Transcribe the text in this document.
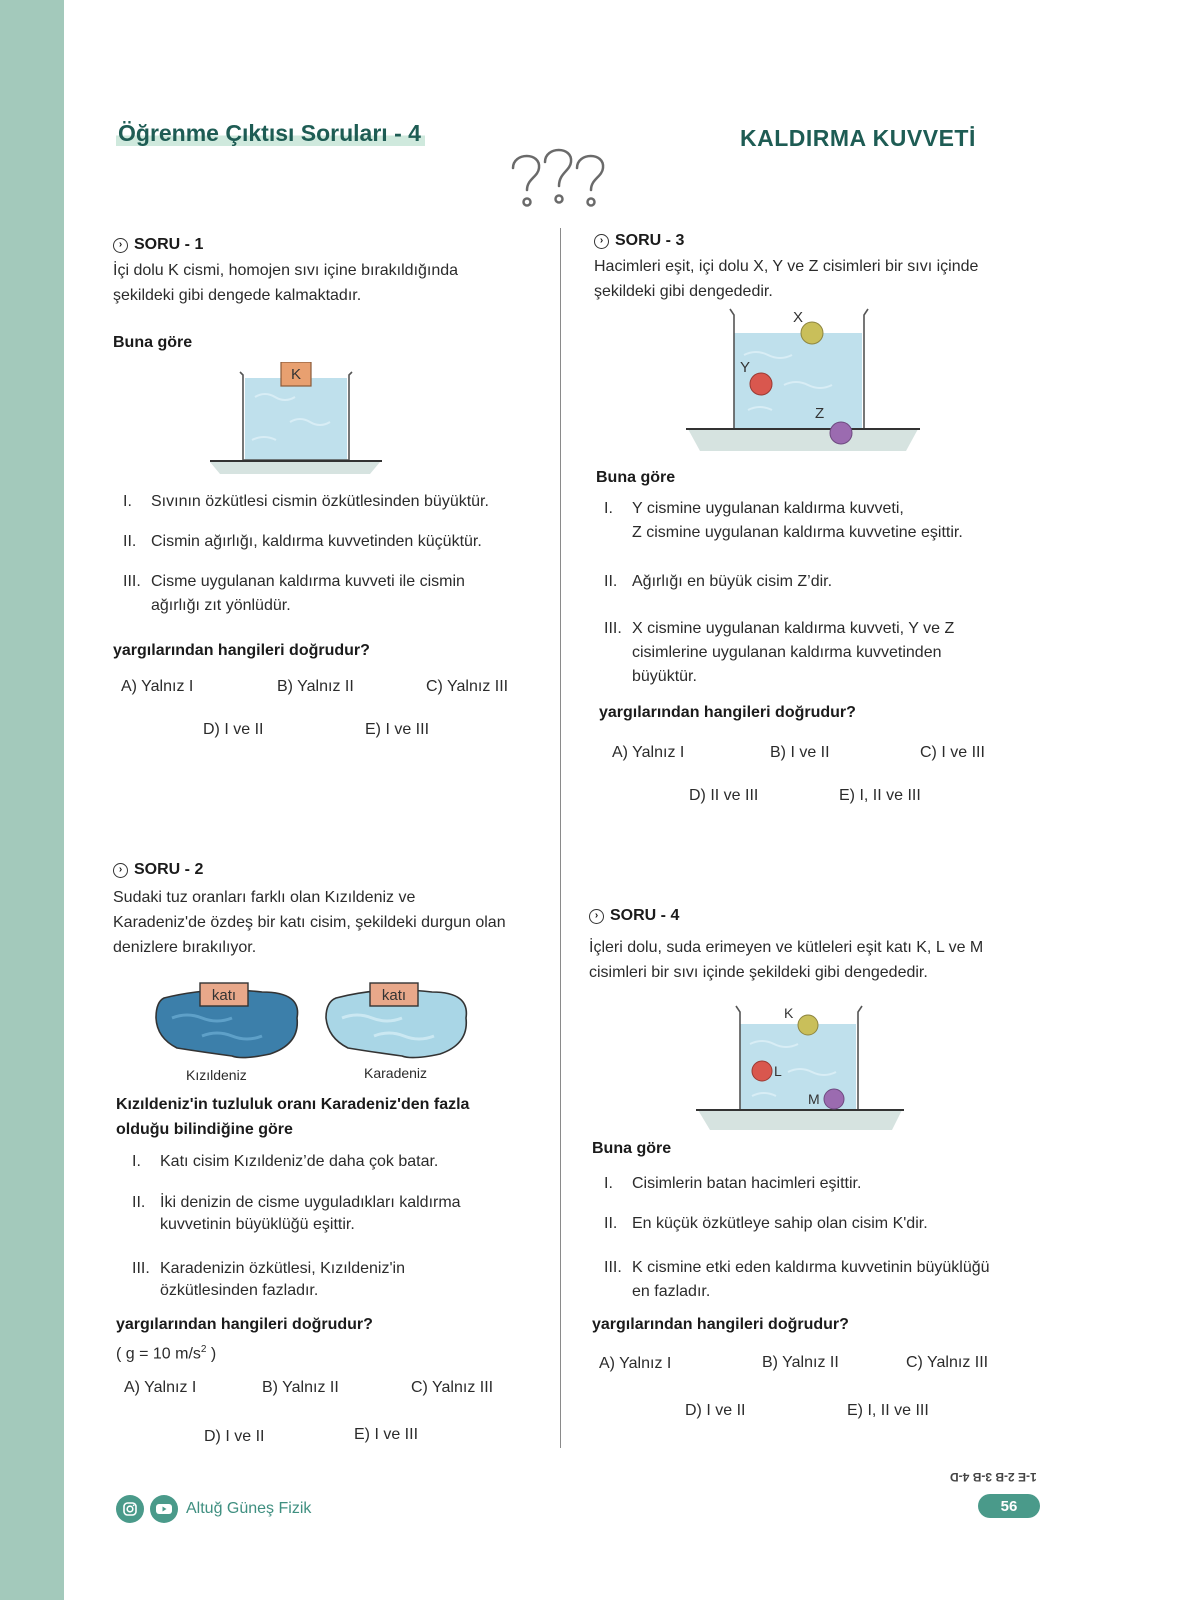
Öğrenme Çıktısı Soruları - 4	KALDIRMA KUVVETİ
› SORU - 1
İçi dolu K cismi, homojen sıvı içine bırakıldığında
şekildeki gibi dengede kalmaktadır.
Buna göre
K
I.	Sıvının özkütlesi cismin özkütlesinden büyüktür.
II. Cismin ağırlığı, kaldırma kuvvetinden küçüktür.
III. Cisme uygulanan kaldırma kuvveti ile cismin
ağırlığı zıt yönlüdür.
yargılarından hangileri doğrudur?
A) Yalnız I	B) Yalnız II	C) Yalnız III
D) I ve II	E) I ve III
› SORU - 2
Sudaki tuz oranları farklı olan Kızıldeniz ve
Karadeniz'de özdeş bir katı cisim, şekildeki durgun olan
denizlere bırakılıyor.
katı	katı
Kızıldeniz	Karadeniz
Kızıldeniz'in tuzluluk oranı Karadeniz'den fazla
olduğu bilindiğine göre
I.	Katı cisim Kızıldeniz’de daha çok batar.
II. İki denizin de cisme uyguladıkları kaldırma
kuvvetinin büyüklüğü eşittir.
III. Karadenizin özkütlesi, Kızıldeniz'in
özkütlesinden fazladır.
yargılarından hangileri doğrudur?
( g = 10 $m/s^2$ )
A) Yalnız I	B) Yalnız II	C) Yalnız III
D) I ve II	E) I ve III
› SORU - 3
Hacimleri eşit, içi dolu X, Y ve Z cisimleri bir sıvı içinde
şekildeki gibi dengededir.
X
Y
Z
Buna göre
I.	Y cismine uygulanan kaldırma kuvveti,
Z cismine uygulanan kaldırma kuvvetine eşittir.
II. Ağırlığı en büyük cisim Z’dir.
III. X cismine uygulanan kaldırma kuvveti, Y ve Z
cisimlerine uygulanan kaldırma kuvvetinden
büyüktür.
yargılarından hangileri doğrudur?
A) Yalnız I	B) I ve II	C) I ve III
D) II ve III	E) I, II ve III
› SORU - 4
İçleri dolu, suda erimeyen ve kütleleri eşit katı K, L ve M
cisimleri bir sıvı içinde şekildeki gibi dengededir.
K
L
M
Buna göre
I.	Cisimlerin batan hacimleri eşittir.
II. En küçük özkütleye sahip olan cisim K'dir.
III. K cismine etki eden kaldırma kuvvetinin büyüklüğü
en fazladır.
yargılarından hangileri doğrudur?
A) Yalnız I	B) Yalnız II	C) Yalnız III
D) I ve II	E) I, II ve III
Altuğ Güneş Fizik
1-E 2-B 3-B 4-D
56
